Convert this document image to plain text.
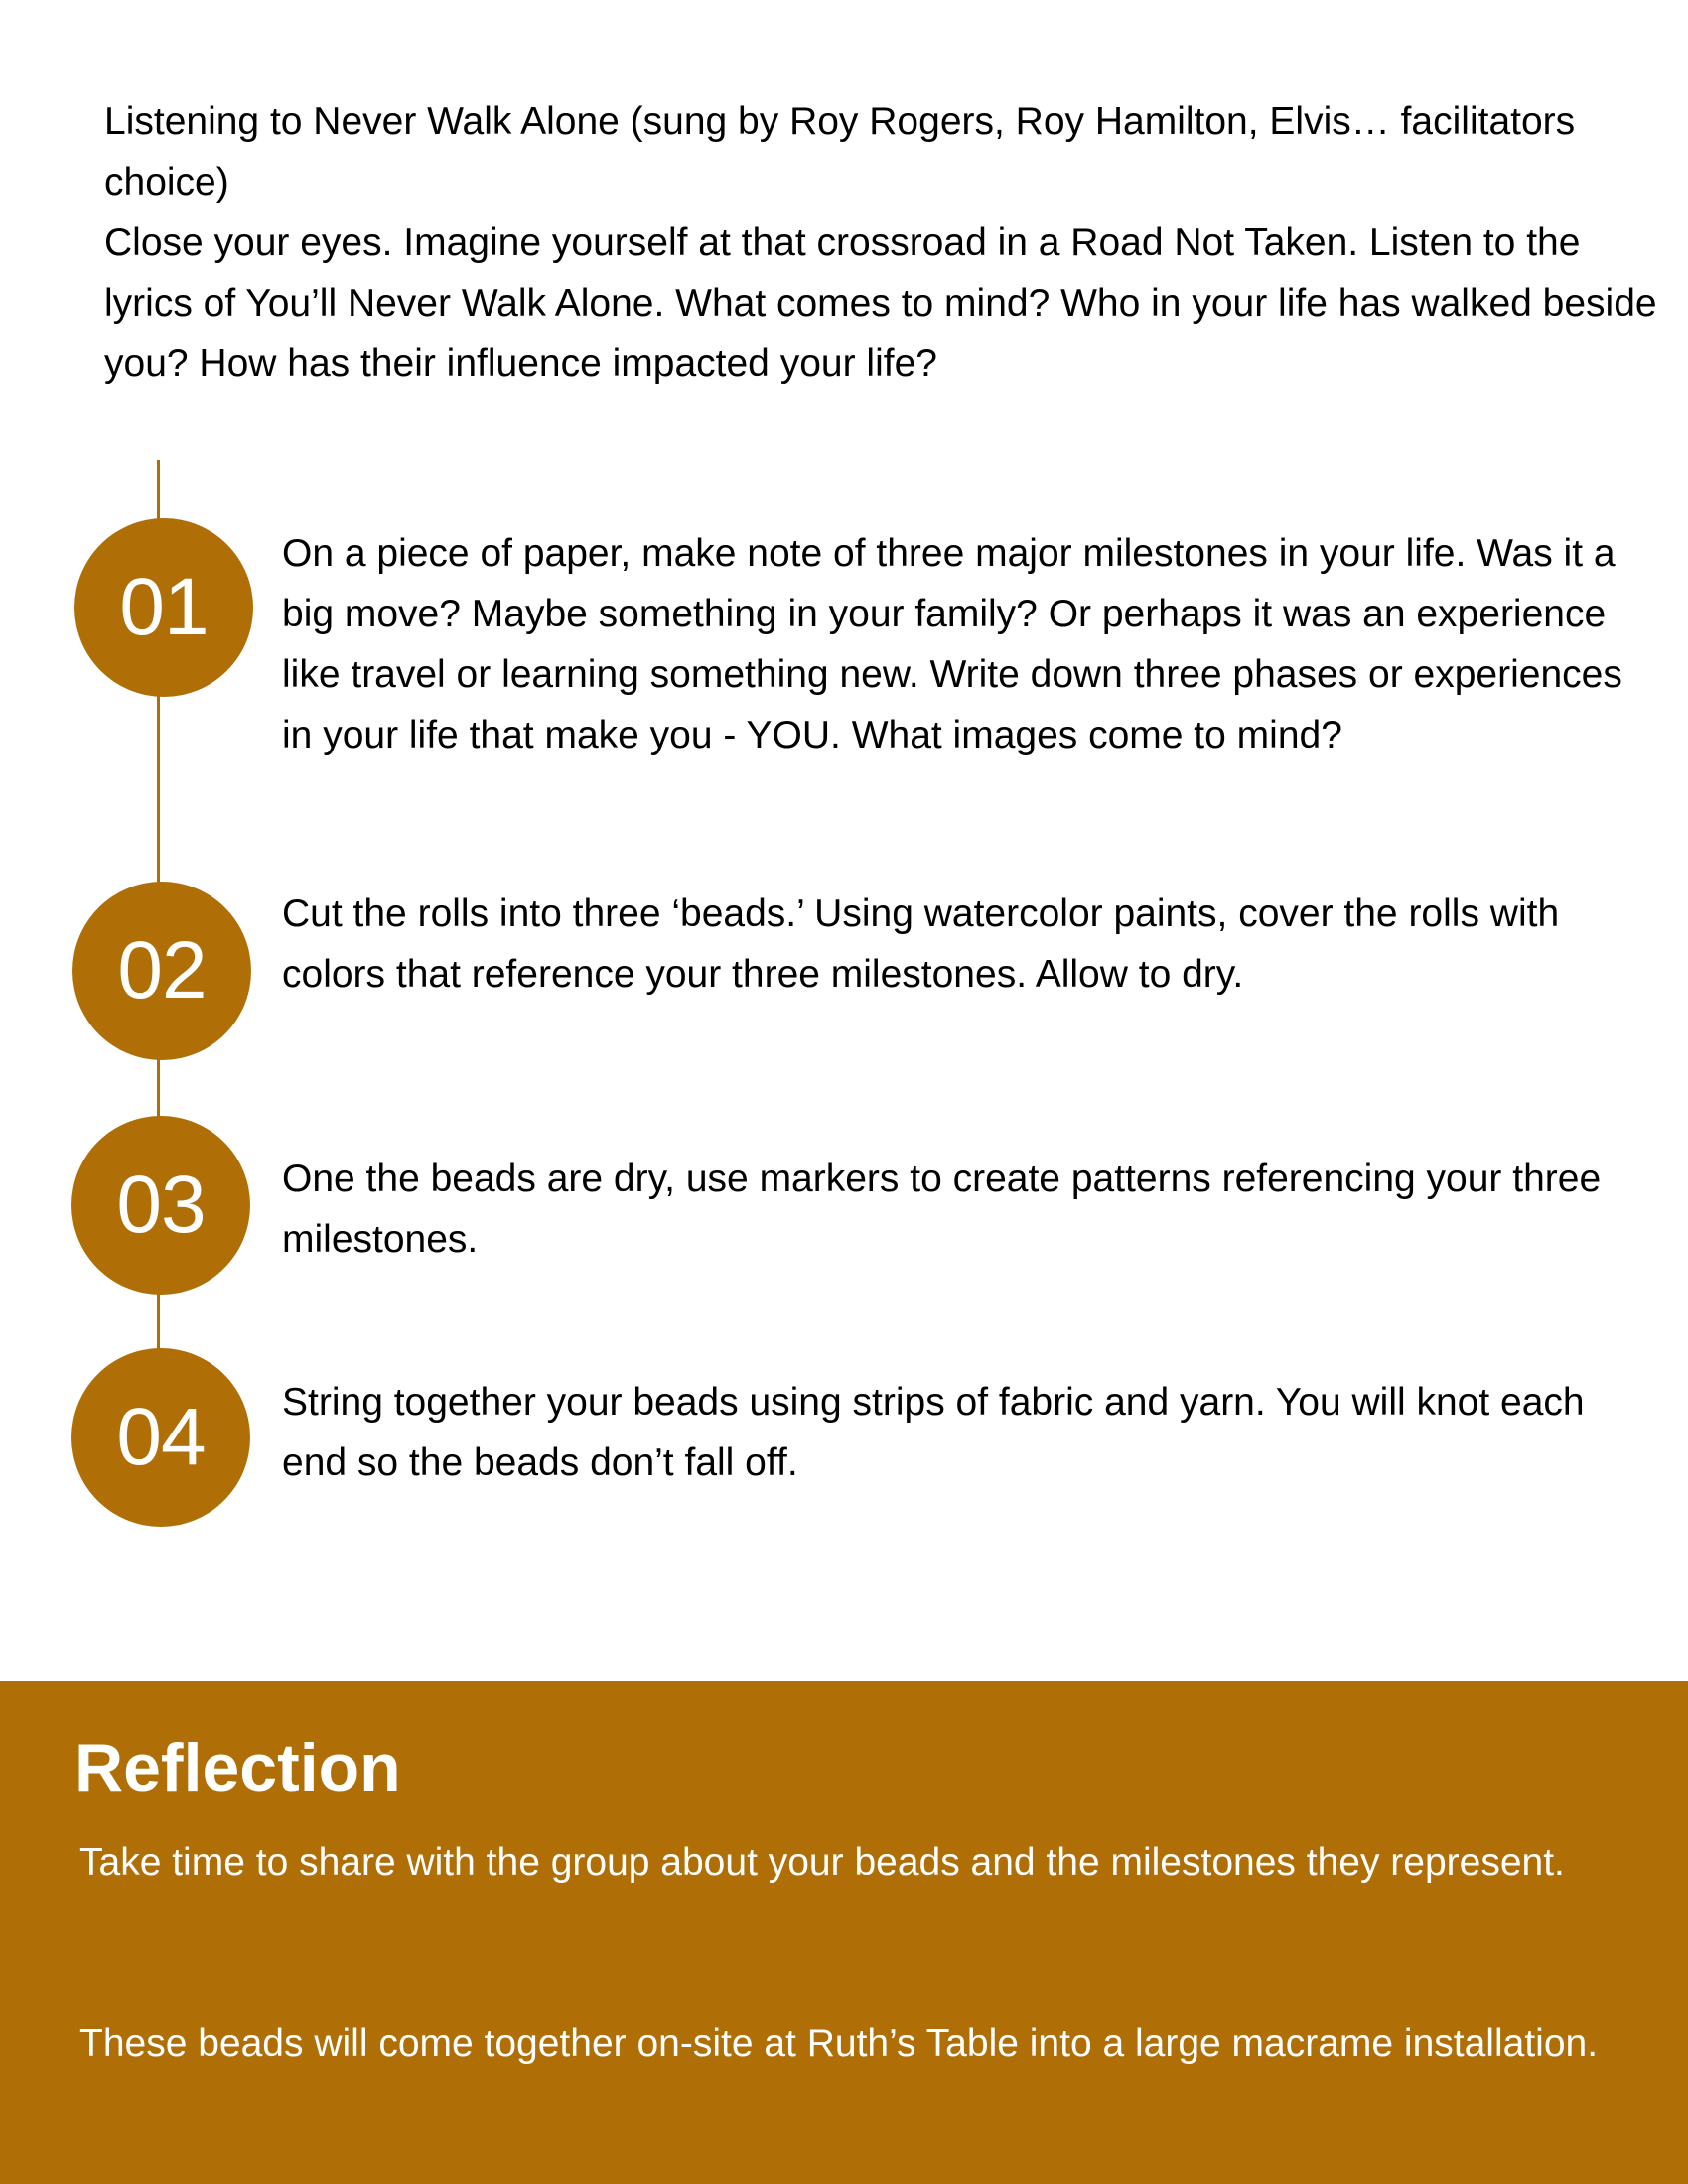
Listening to Never Walk Alone (sung by Roy Rogers, Roy Hamilton, Elvis… facilitators choice)

Close your eyes. Imagine yourself at that crossroad in a Road Not Taken. Listen to the lyrics of You’ll Never Walk Alone. What comes to mind? Who in your life has walked beside you? How has their influence impacted your life?

01

On a piece of paper, make note of three major milestones in your life. Was it a big move? Maybe something in your family? Or perhaps it was an experience like travel or learning something new. Write down three phases or experiences in your life that make you - YOU. What images come to mind?

02

Cut the rolls into three ‘beads.’ Using watercolor paints, cover the rolls with colors that reference your three milestones. Allow to dry.

03	One the beads are dry, use markers to create patterns referencing your three milestones.

04	String together your beads using strips of fabric and yarn. You will knot each end so the beads don’t fall off.

Reflection

Take time to share with the group about your beads and the milestones they represent.

These beads will come together on-site at Ruth’s Table into a large macrame installation.
